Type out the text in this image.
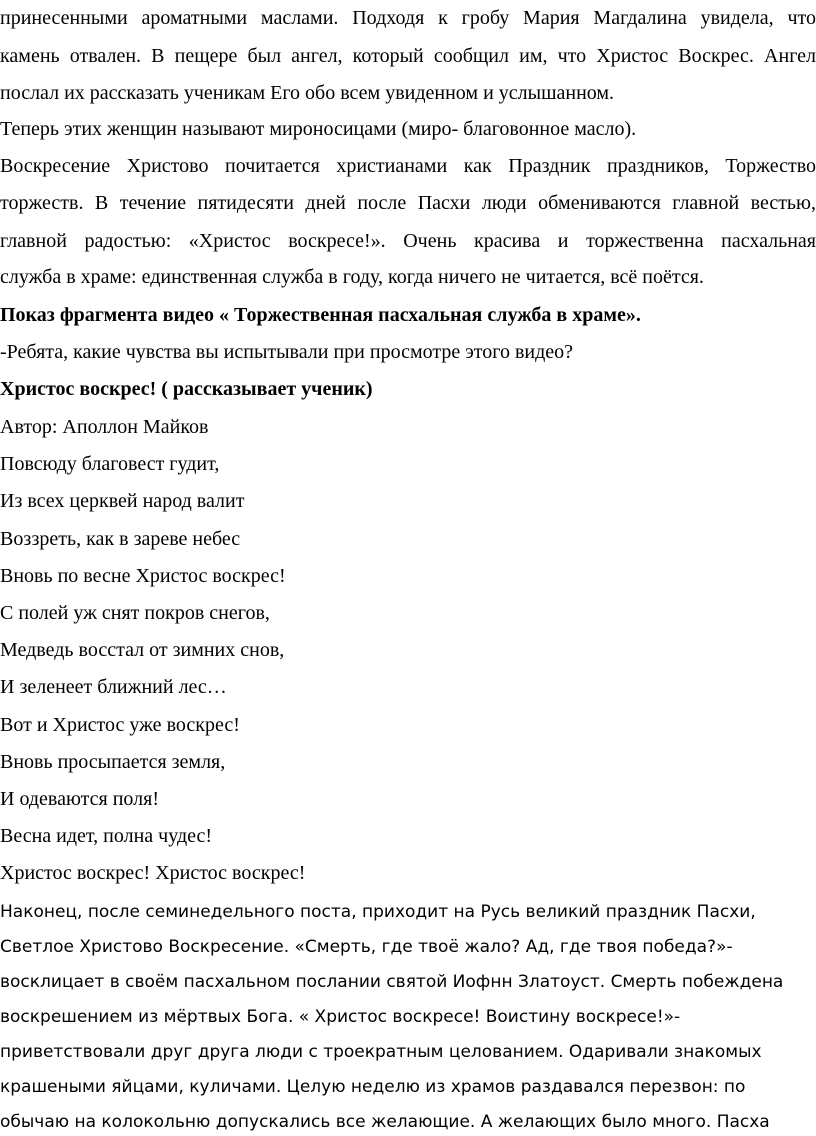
принесенными ароматными маслами. Подходя к гробу Мария Магдалина увидела, что

камень отвален. В пещере был ангел, который сообщил им, что Христос Воскрес. Ангел

послал их рассказать ученикам Его обо всем увиденном и услышанном.

Теперь этих женщин называют мироносицами (миро- благовонное масло).

Воскресение Христово почитается христианами как Праздник праздников, Торжество

торжеств. В течение пятидесяти дней после Пасхи люди обмениваются главной вестью,

главной радостью: «Христос воскресе!». Очень красива и торжественна пасхальная

служба в храме: единственная служба в году, когда ничего не читается, всё поётся.

Показ фрагмента видео « Торжественная пасхальная служба в храме».

-Ребята, какие чувства вы испытывали при просмотре этого видео?

Христос воскрес! ( рассказывает ученик)

Автор: Аполлон Майков

Повсюду благовест гудит,

Из всех церквей народ валит

Воззреть, как в зареве небес

Вновь по весне Христос воскрес!

С полей уж снят покров снегов,

Медведь восстал от зимних снов,

И зеленеет ближний лес…

Вот и Христос уже воскрес!

Вновь просыпается земля,

И одеваются поля!

Весна идет, полна чудес!

Христос воскрес! Христос воскрес!

Наконец, после семинедельного поста, приходит на Русь великий праздник Пасхи,

Светлое Христово Воскресение. «Смерть, где твоё жало? Ад, где твоя победа?»-

восклицает в своём пасхальном послании святой Иофнн Златоуст. Смерть побеждена

воскрешением из мёртвых Бога. « Христос воскресе! Воистину воскресе!»-

приветствовали друг друга люди с троекратным целованием. Одаривали знакомых

крашеными яйцами, куличами. Целую неделю из храмов раздавался перезвон: по

обычаю на колокольню допускались все желающие. А желающих было много. Пасха
